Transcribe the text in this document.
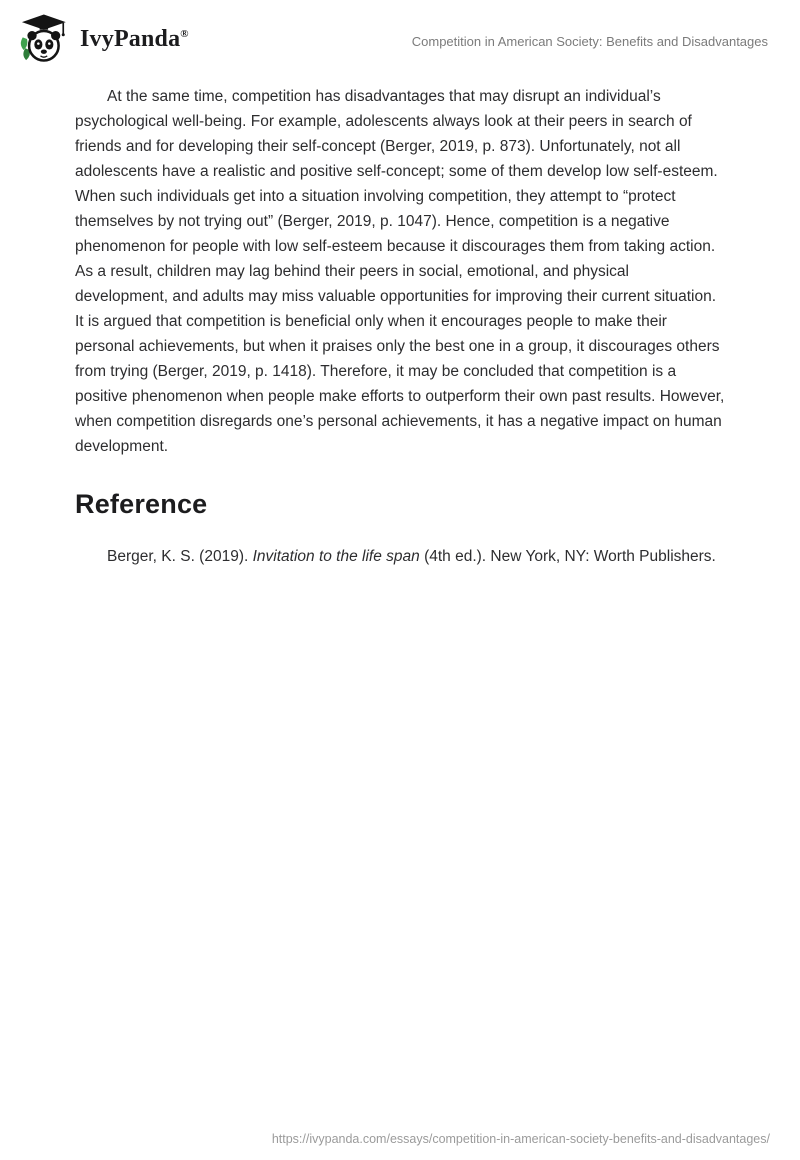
IvyPanda®	Competition in American Society: Benefits and Disadvantages

At the same time, competition has disadvantages that may disrupt an individual’s psychological well-being. For example, adolescents always look at their peers in search of friends and for developing their self-concept (Berger, 2019, p. 873). Unfortunately, not all adolescents have a realistic and positive self-concept; some of them develop low self-esteem. When such individuals get into a situation involving competition, they attempt to “protect themselves by not trying out” (Berger, 2019, p. 1047). Hence, competition is a negative phenomenon for people with low self-esteem because it discourages them from taking action. As a result, children may lag behind their peers in social, emotional, and physical development, and adults may miss valuable opportunities for improving their current situation. It is argued that competition is beneficial only when it encourages people to make their personal achievements, but when it praises only the best one in a group, it discourages others from trying (Berger, 2019, p. 1418). Therefore, it may be concluded that competition is a positive phenomenon when people make efforts to outperform their own past results. However, when competition disregards one’s personal achievements, it has a negative impact on human development.

Reference

Berger, K. S. (2019). Invitation to the life span (4th ed.). New York, NY: Worth Publishers.

https://ivypanda.com/essays/competition-in-american-society-benefits-and-disadvantages/
